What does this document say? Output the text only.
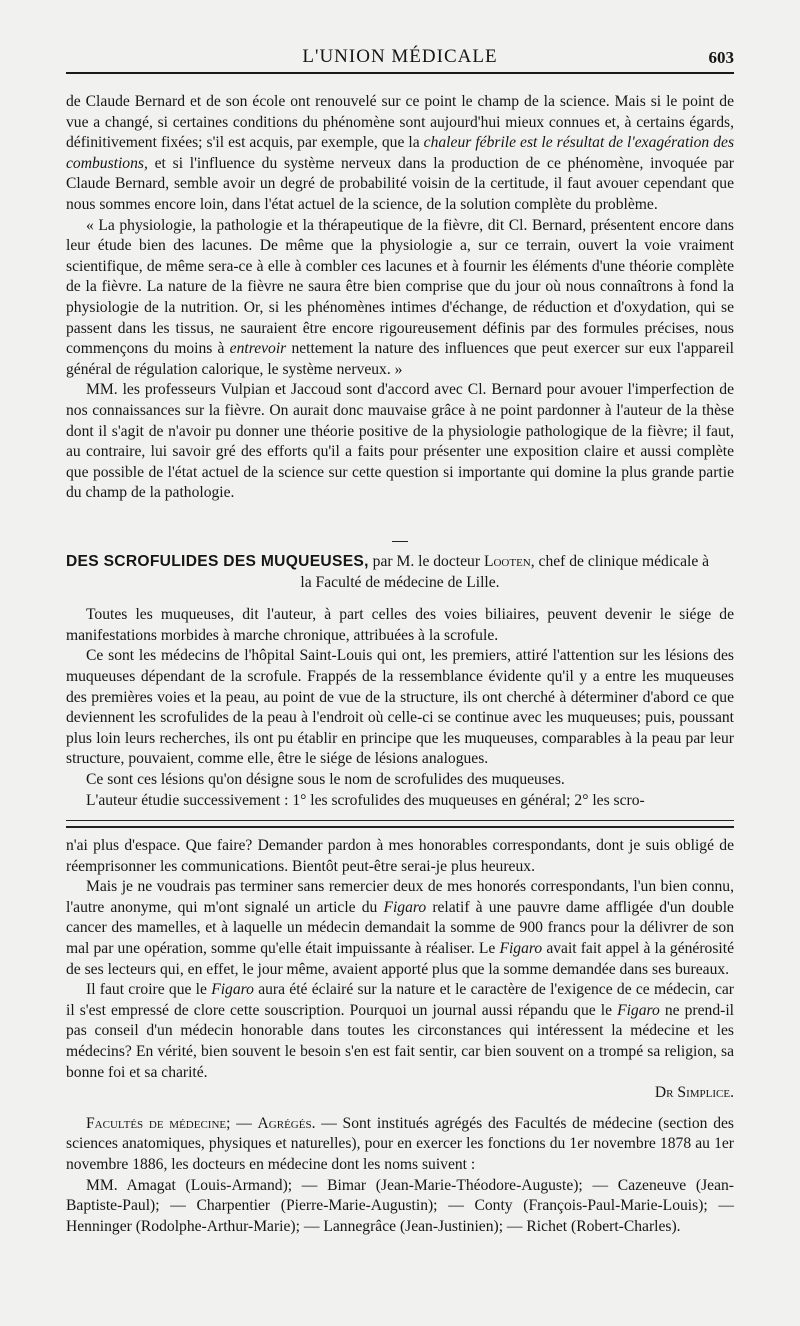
L'UNION MÉDICALE	603

de Claude Bernard et de son école ont renouvelé sur ce point le champ de la science. Mais si le point de vue a changé, si certaines conditions du phénomène sont aujourd'hui mieux connues et, à certains égards, définitivement fixées; s'il est acquis, par exemple, que la chaleur fébrile est le résultat de l'exagération des combustions, et si l'influence du système nerveux dans la production de ce phénomène, invoquée par Claude Bernard, semble avoir un degré de probabilité voisin de la certitude, il faut avouer cependant que nous sommes encore loin, dans l'état actuel de la science, de la solution complète du problème.

« La physiologie, la pathologie et la thérapeutique de la fièvre, dit Cl. Bernard, présentent encore dans leur étude bien des lacunes. De même que la physiologie a, sur ce terrain, ouvert la voie vraiment scientifique, de même sera-ce à elle à combler ces lacunes et à fournir les éléments d'une théorie complète de la fièvre. La nature de la fièvre ne saura être bien comprise que du jour où nous connaîtrons à fond la physiologie de la nutrition. Or, si les phénomènes intimes d'échange, de réduction et d'oxydation, qui se passent dans les tissus, ne sauraient être encore rigoureusement définis par des formules précises, nous commençons du moins à entrevoir nettement la nature des influences que peut exercer sur eux l'appareil général de régulation calorique, le système nerveux. »

MM. les professeurs Vulpian et Jaccoud sont d'accord avec Cl. Bernard pour avouer l'imperfection de nos connaissances sur la fièvre. On aurait donc mauvaise grâce à ne point pardonner à l'auteur de la thèse dont il s'agit de n'avoir pu donner une théorie positive de la physiologie pathologique de la fièvre; il faut, au contraire, lui savoir gré des efforts qu'il a faits pour présenter une exposition claire et aussi complète que possible de l'état actuel de la science sur cette question si importante qui domine la plus grande partie du champ de la pathologie.

DES SCROFULIDES DES MUQUEUSES, par M. le docteur Looten, chef de clinique médicale à

la Faculté de médecine de Lille.

Toutes les muqueuses, dit l'auteur, à part celles des voies biliaires, peuvent devenir le siége de manifestations morbides à marche chronique, attribuées à la scrofule.

Ce sont les médecins de l'hôpital Saint-Louis qui ont, les premiers, attiré l'attention sur les lésions des muqueuses dépendant de la scrofule. Frappés de la ressemblance évidente qu'il y a entre les muqueuses des premières voies et la peau, au point de vue de la structure, ils ont cherché à déterminer d'abord ce que deviennent les scrofulides de la peau à l'endroit où celle-ci se continue avec les muqueuses; puis, poussant plus loin leurs recherches, ils ont pu établir en principe que les muqueuses, comparables à la peau par leur structure, pouvaient, comme elle, être le siége de lésions analogues.

Ce sont ces lésions qu'on désigne sous le nom de scrofulides des muqueuses.

L'auteur étudie successivement : 1° les scrofulides des muqueuses en général; 2° les scro-

n'ai plus d'espace. Que faire? Demander pardon à mes honorables correspondants, dont je suis obligé de réemprisonner les communications. Bientôt peut-être serai-je plus heureux.

Mais je ne voudrais pas terminer sans remercier deux de mes honorés correspondants, l'un bien connu, l'autre anonyme, qui m'ont signalé un article du Figaro relatif à une pauvre dame affligée d'un double cancer des mamelles, et à laquelle un médecin demandait la somme de 900 francs pour la délivrer de son mal par une opération, somme qu'elle était impuissante à réaliser. Le Figaro avait fait appel à la générosité de ses lecteurs qui, en effet, le jour même, avaient apporté plus que la somme demandée dans ses bureaux.

Il faut croire que le Figaro aura été éclairé sur la nature et le caractère de l'exigence de ce médecin, car il s'est empressé de clore cette souscription. Pourquoi un journal aussi répandu que le Figaro ne prend-il pas conseil d'un médecin honorable dans toutes les circonstances qui intéressent la médecine et les médecins? En vérité, bien souvent le besoin s'en est fait sentir, car bien souvent on a trompé sa religion, sa bonne foi et sa charité.

Dr Simplice.

Facultés de médecine; — Agrégés. — Sont institués agrégés des Facultés de médecine (section des sciences anatomiques, physiques et naturelles), pour en exercer les fonctions du 1er novembre 1878 au 1er novembre 1886, les docteurs en médecine dont les noms suivent :

MM. Amagat (Louis-Armand); — Bimar (Jean-Marie-Théodore-Auguste); — Cazeneuve (Jean-Baptiste-Paul); — Charpentier (Pierre-Marie-Augustin); — Conty (François-Paul-Marie-Louis); — Henninger (Rodolphe-Arthur-Marie); — Lannegrâce (Jean-Justinien); — Richet (Robert-Charles).
